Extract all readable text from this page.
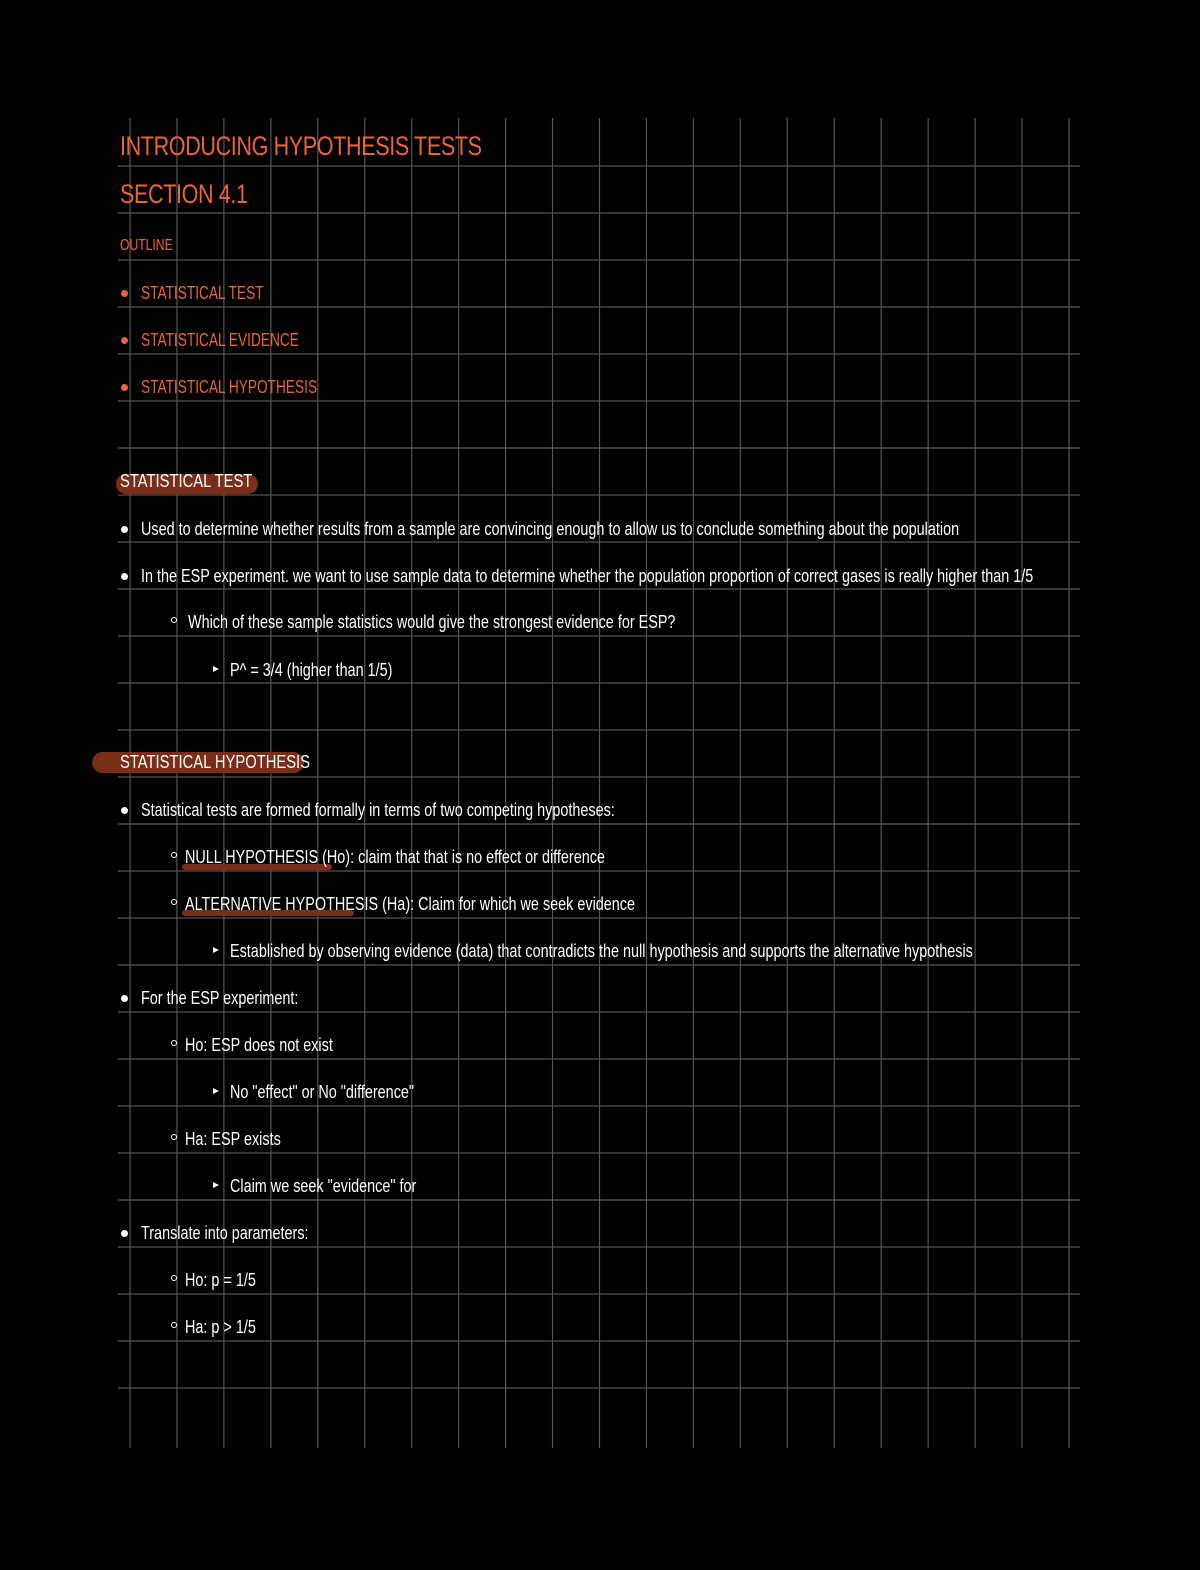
INTRODUCING HYPOTHESIS TESTS
SECTION 4.1
OUTLINE
STATISTICAL TEST
STATISTICAL EVIDENCE
STATISTICAL HYPOTHESIS
STATISTICAL TEST
Used to determine whether results from a sample are convincing enough to allow us to conclude something about the population
In the ESP experiment. we want to use sample data to determine whether the population proportion of correct gases is really higher than 1/5
Which of these sample statistics would give the strongest evidence for ESP?
P^ = 3/4 (higher than 1/5)
STATISTICAL HYPOTHESIS
Statistical tests are formed formally in terms of two competing hypotheses:
NULL HYPOTHESIS (Ho): claim that that is no effect or difference
ALTERNATIVE HYPOTHESIS (Ha): Claim for which we seek evidence
Established by observing evidence (data) that contradicts the null hypothesis and supports the alternative hypothesis
For the ESP experiment:
Ho: ESP does not exist
No "effect" or No "difference"
Ha: ESP exists
Claim we seek "evidence" for
Translate into parameters:
Ho: p = 1/5
Ha: p > 1/5
